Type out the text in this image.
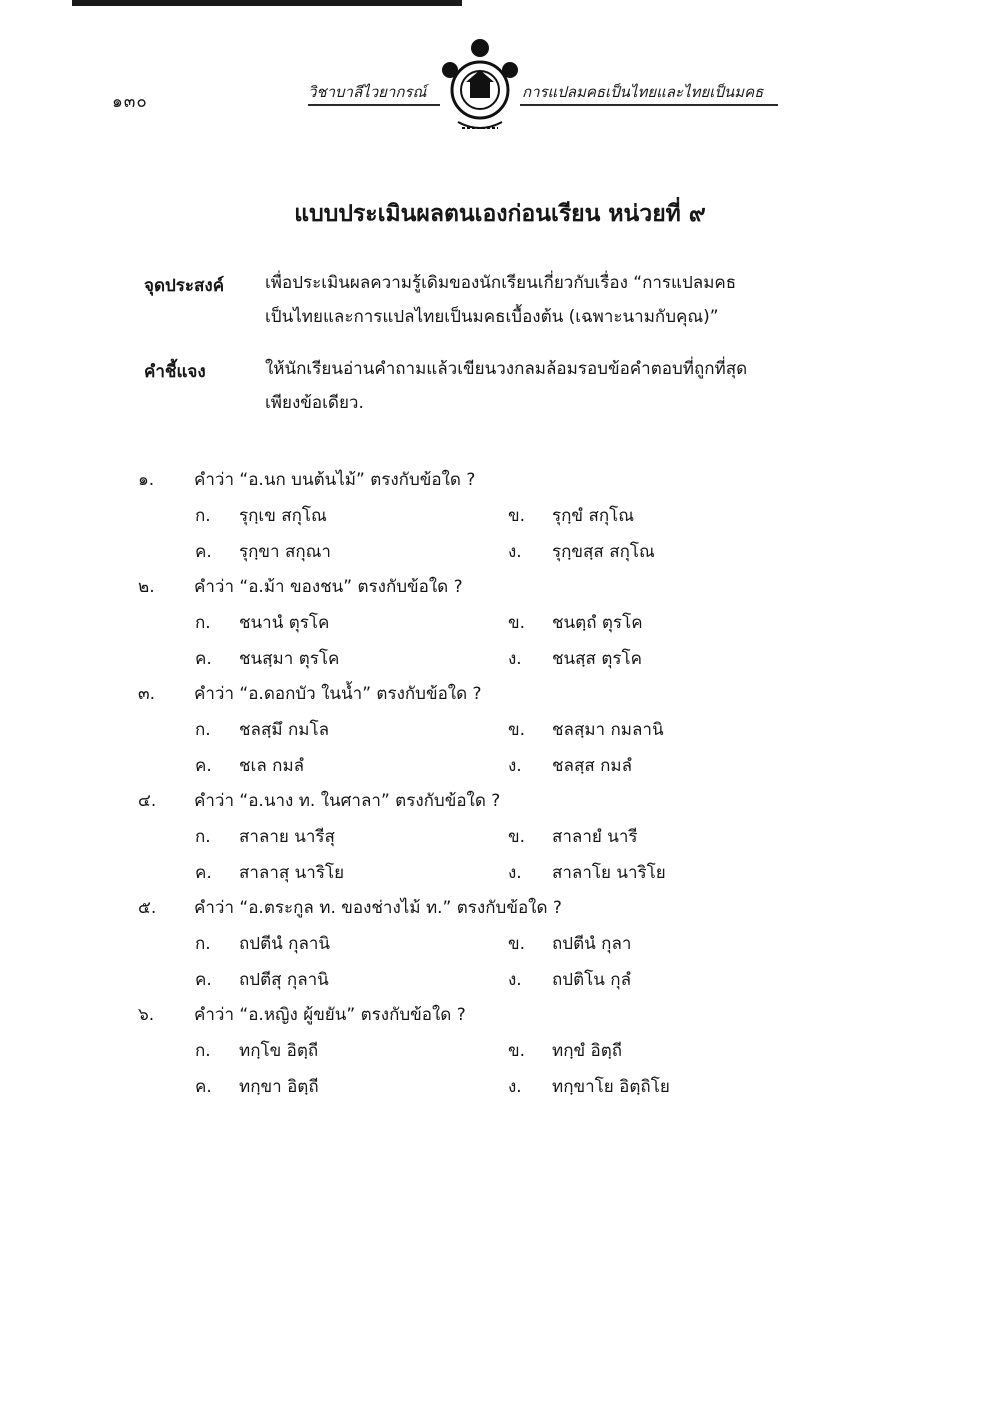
๑๓๐	วิชาบาลีไวยากรณ์	การแปลมคธเป็นไทยและไทยเป็นมคธ
แบบประเมินผลตนเองก่อนเรียน หน่วยที่ ๙
จุดประสงค์ เพื่อประเมินผลความรู้เดิมของนักเรียนเกี่ยวกับเรื่อง “การแปลมคธ
เป็นไทยและการแปลไทยเป็นมคธเบื้องต้น (เฉพาะนามกับคุณ)”
คำชี้แจง	ให้นักเรียนอ่านคำถามแล้วเขียนวงกลมล้อมรอบข้อคำตอบที่ถูกที่สุด
เพียงข้อเดียว.
๑.	คำว่า “อ.นก บนต้นไม้” ตรงกับข้อใด ?
ก. รุกฺเข สกุโณ	ข. รุกฺขํ สกุโณ
ค. รุกฺขา สกุณา	ง. รุกฺขสฺส สกุโณ
๒.	คำว่า “อ.ม้า ของชน” ตรงกับข้อใด ?
ก. ชนานํ ตุรโค	ข. ชนตฺถํ ตุรโค
ค. ชนสฺมา ตุรโค	ง. ชนสฺส ตุรโค
๓.	คำว่า “อ.ดอกบัว ในน้ำ” ตรงกับข้อใด ?
ก. ชลสฺมึ กมโล	ข. ชลสฺมา กมลานิ
ค. ชเล กมลํ	ง. ชลสฺส กมลํ
๔.	คำว่า “อ.นาง ท. ในศาลา” ตรงกับข้อใด ?
ก. สาลาย นารีสุ	ข. สาลายํ นารี
ค. สาลาสุ นาริโย	ง. สาลาโย นาริโย
๕.	คำว่า “อ.ตระกูล ท. ของช่างไม้ ท.” ตรงกับข้อใด ?
ก. ถปตีนํ กุลานิ	ข. ถปตีนํ กุลา
ค. ถปตีสุ กุลานิ	ง. ถปติโน กุลํ
๖.	คำว่า “อ.หญิง ผู้ขยัน” ตรงกับข้อใด ?
ก. ทกฺโข อิตฺถี	ข. ทกฺขํ อิตฺถี
ค. ทกฺขา อิตฺถี	ง. ทกฺขาโย อิตฺถิโย
